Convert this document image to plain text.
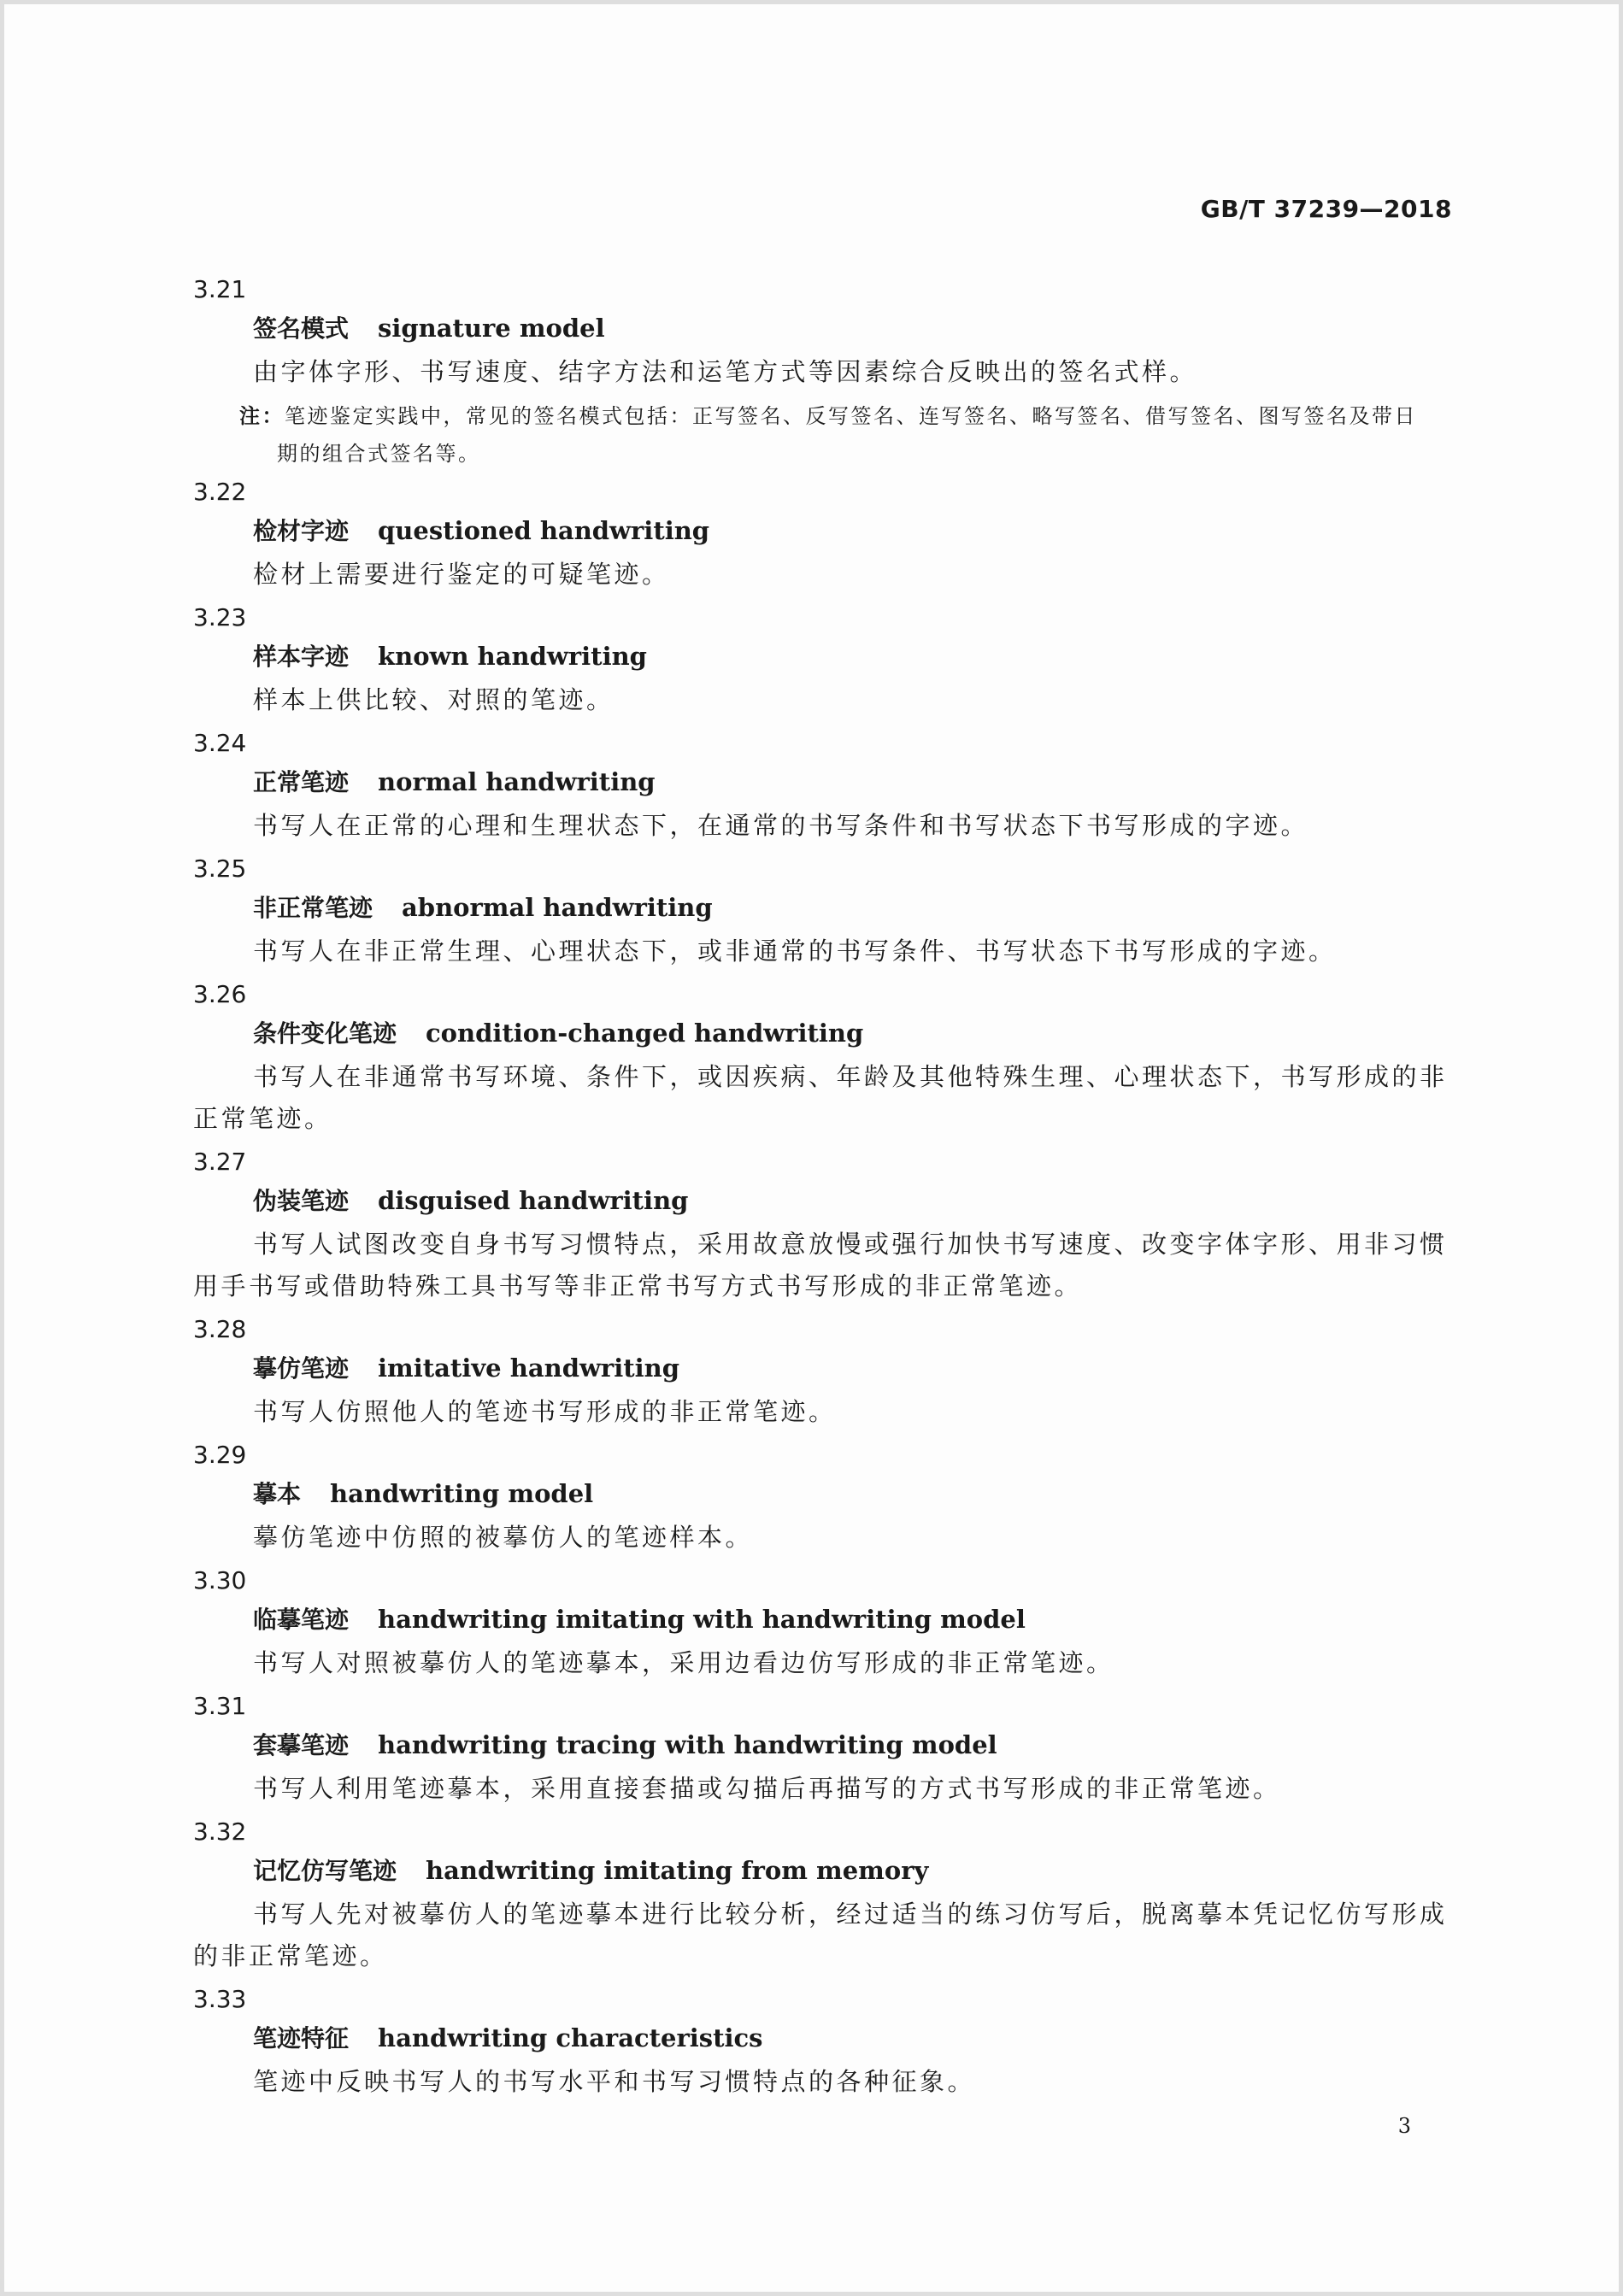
GB/T 37239—2018
3.21
签名模式 signature model
由字体字形、书写速度、结字方法和运笔方式等因素综合反映出的签名式样。
注：笔迹鉴定实践中，常见的签名模式包括：正写签名、反写签名、连写签名、略写签名、借写签名、图写签名及带日
期的组合式签名等。
3.22
检材字迹 questioned handwriting
检材上需要进行鉴定的可疑笔迹。
3.23
样本字迹 known handwriting
样本上供比较、对照的笔迹。
3.24
正常笔迹 normal handwriting
书写人在正常的心理和生理状态下，在通常的书写条件和书写状态下书写形成的字迹。
3.25
非正常笔迹 abnormal handwriting
书写人在非正常生理、心理状态下，或非通常的书写条件、书写状态下书写形成的字迹。
3.26
条件变化笔迹 condition-changed handwriting
书写人在非通常书写环境、条件下，或因疾病、年龄及其他特殊生理、心理状态下，书写形成的非正常笔迹。
3.27
伪装笔迹 disguised handwriting
书写人试图改变自身书写习惯特点，采用故意放慢或强行加快书写速度、改变字体字形、用非习惯用手书写或借助特殊工具书写等非正常书写方式书写形成的非正常笔迹。
3.28
摹仿笔迹 imitative handwriting
书写人仿照他人的笔迹书写形成的非正常笔迹。
3.29
摹本 handwriting model
摹仿笔迹中仿照的被摹仿人的笔迹样本。
3.30
临摹笔迹 handwriting imitating with handwriting model
书写人对照被摹仿人的笔迹摹本，采用边看边仿写形成的非正常笔迹。
3.31
套摹笔迹 handwriting tracing with handwriting model
书写人利用笔迹摹本，采用直接套描或勾描后再描写的方式书写形成的非正常笔迹。
3.32
记忆仿写笔迹 handwriting imitating from memory
书写人先对被摹仿人的笔迹摹本进行比较分析，经过适当的练习仿写后，脱离摹本凭记忆仿写形成的非正常笔迹。
3.33
笔迹特征 handwriting characteristics
笔迹中反映书写人的书写水平和书写习惯特点的各种征象。
3
